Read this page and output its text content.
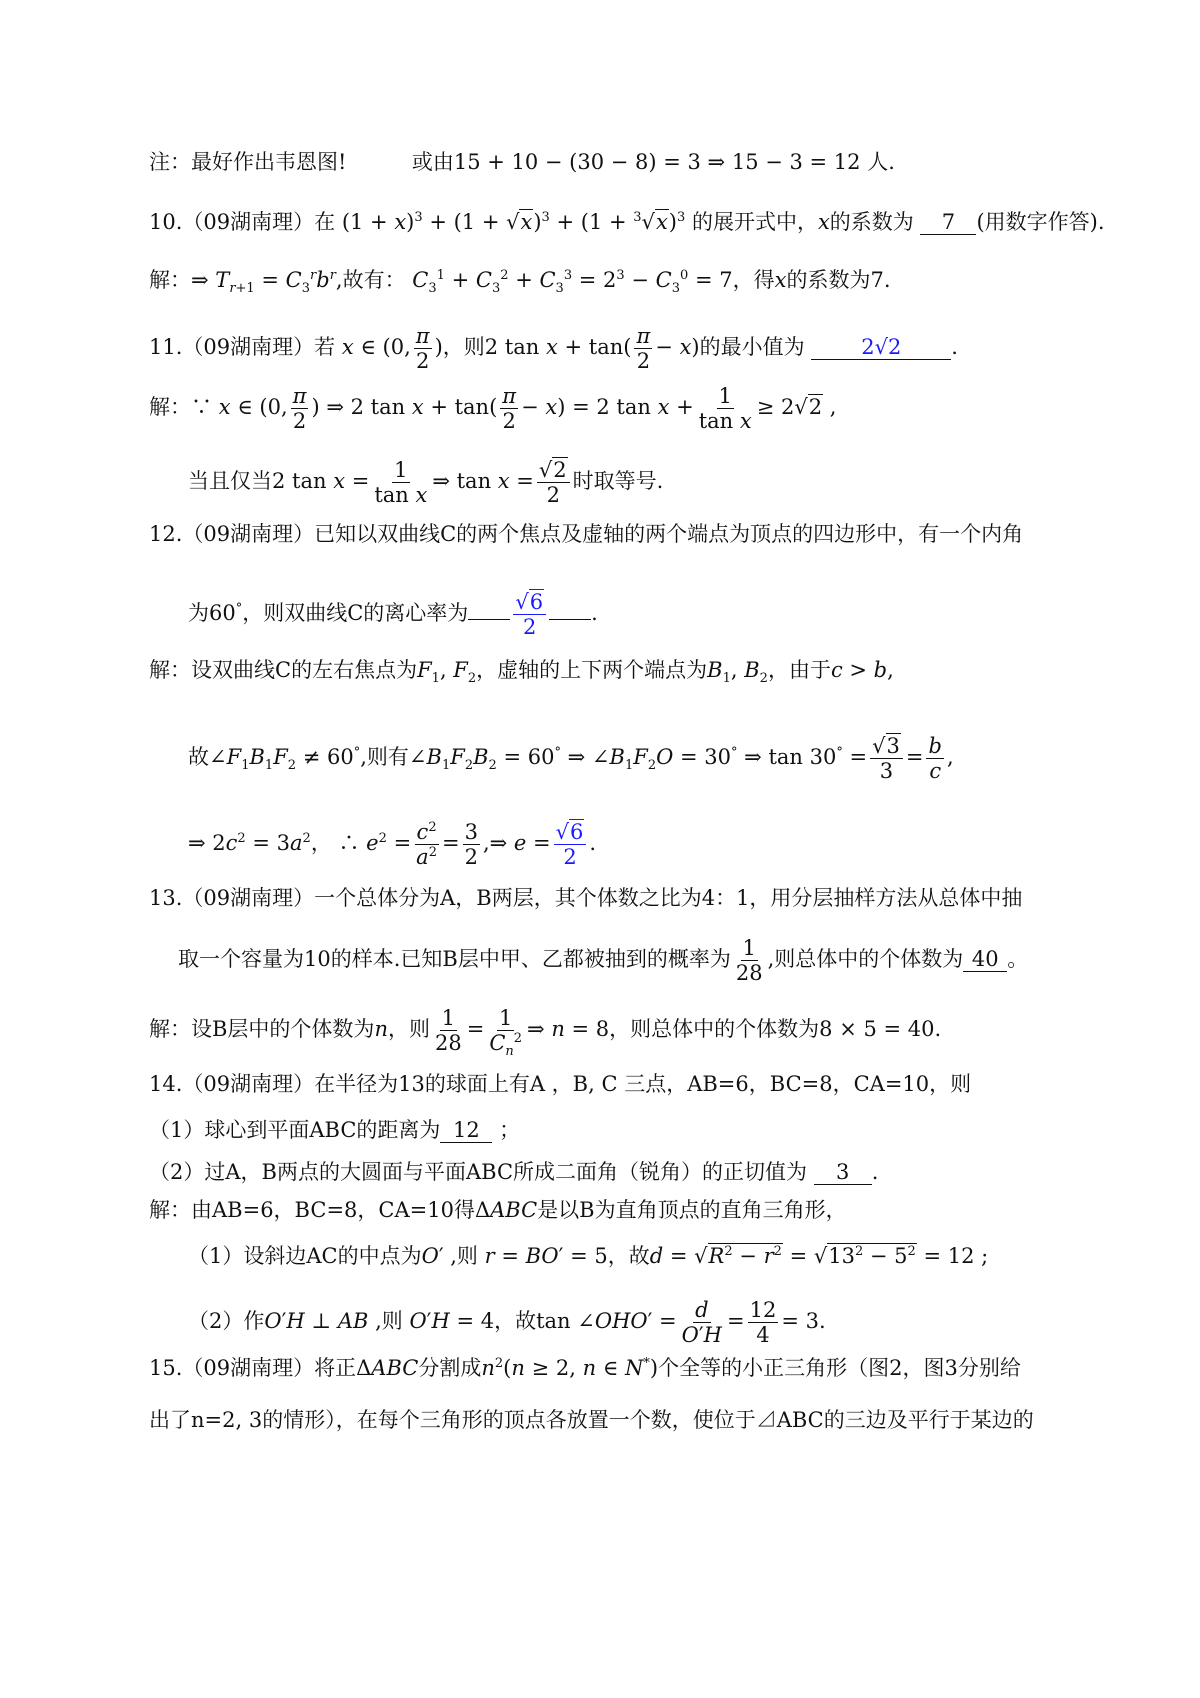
注：最好作出韦恩图!	或由15 + 10 − (30 − 8) = 3 ⇒ 15 − 3 = 12 人.
10.（09湖南理）在 $(1 + x)^3 + (1 + √x)^3 + (1 + ^3√x)^3$ 的展开式中，x的系数为 7 (用数字作答).
解：⇒ $T_{r+1} = C_3^rb^r$,故有： $C_3^1 + C_3^2 + C_3^3 = 2^3 - C_3^0 = 7$，得x的系数为7.
11.（09湖南理）若 x ∈ (0, $\frac{\pi}{2}$ )，则2 $\tan x + \tan( \frac{\pi}{2} - x)$的最小值为	2√2 .
解：∵ x ∈ (0, $\frac{\pi}{2}$ ) ⇒ 2 $\tan x + \tan( \frac{\pi}{2} - x) = 2$ $\tan x + \frac{1}{\text{tan x}} \ge 2√2$ ,
当且仅当2 $\tan x = \frac{1}{\text{tan x}}$ ⇒ $\tan x = \frac{√2}{2}$ 时取等号.
12.（09湖南理）已知以双曲线C的两个焦点及虚轴的两个端点为顶点的四边形中，有一个内角
为60°，则双曲线C的离心率为 $\frac{√6}{2}$ .
解：设双曲线C的左右焦点为$F_1$, $F_2$，虚轴的上下两个端点为$B_1$, $B_2$，由于c > b,
故$\angle F_1B_1F_2 \ne 60^\circ$,则有$\angle B_1F_2B_2 = 60^\circ$ ⇒ $\angle B_1F_2O = 30^\circ$ ⇒ $\tan 30^\circ = \frac{√3}{3} = \frac{b}{c}$ ,
⇒ $2c^2 = 3a^2$， ∴ $e^2 = \frac{c^2}{a^2} = \frac{3}{2}$ ,⇒ $e = \frac{√6}{2}$ .
13.（09湖南理）一个总体分为A，B两层，其个体数之比为4：1，用分层抽样方法从总体中抽
取一个容量为10的样本.已知B层中甲、乙都被抽到的概率为 $\frac{1}{28}$ ,则总体中的个体数为 40 。
解：设B层中的个体数为n，则 $\frac{1}{28} = \frac{1}{C_n^2}$ ⇒ n = 8，则总体中的个体数为8 × 5 = 40.
14.（09湖南理）在半径为13的球面上有A ，B, C 三点，AB=6，BC=8，CA=10，则
（1）球心到平面ABC的距离为 12 ；
（2）过A，B两点的大圆面与平面ABC所成二面角（锐角）的正切值为 3 .
解：由AB=6，BC=8，CA=10得ΔABC是以B为直角顶点的直角三角形，
（1）设斜边AC的中点为O′ ,则 r = BO′ = 5，故$d = √R^2 - r^2 = √13^2 - 5^2 = 12$ ;
（2）作O′H ⊥ AB ,则 O′H = 4，故tan ∠OHO′ = $\frac{d}{O'H} = \frac{12}{4} = 3$.
15.（09湖南理）将正ΔABC分割成$n^2(n \ge 2$, n ∈ N*)个全等的小正三角形（图2，图3分别给
出了n=2, 3的情形），在每个三角形的顶点各放置一个数，使位于⊿ABC的三边及平行于某边的
